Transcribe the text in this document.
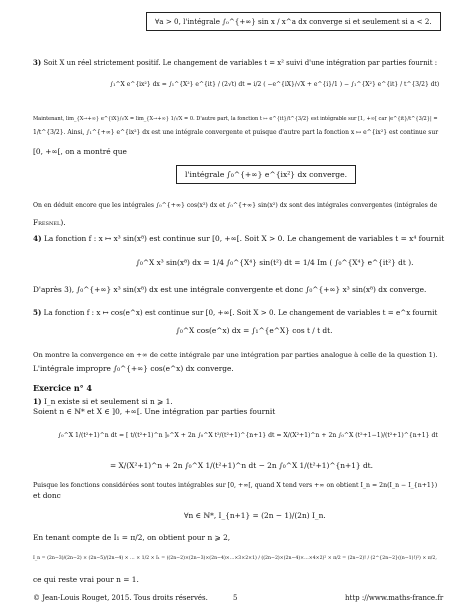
∀a > 0, l'intégrale ∫₀^{+∞} sin x / x^a dx converge si et seulement si a < 2.
3) Soit X un réel strictement positif. Le changement de variables t = x² suivi d'une intégration par parties fournit :
∫₁^X e^{ix²} dx = ∫₁^{X²} e^{it} / (2√t) dt = i/2 ( −e^{iX}/√X + e^{i}/1 ) − ∫₁^{X²} e^{it} / t^{3/2} dt)
Maintenant, lim_{X→+∞} e^{iX}/√X = lim_{X→+∞} 1/√X = 0. D'autre part, la fonction t ↦ e^{it}/t^{3/2} est intégrable sur [1, +∞[ car |e^{it}/t^{3/2}| =
1/t^{3/2}. Ainsi, ∫₁^{+∞} e^{ix²} dx est une intégrale convergente et puisque d'autre part la fonction x ↦ e^{ix²} est continue sur
[0, +∞[, on a montré que
l'intégrale ∫₀^{+∞} e^{ix²} dx converge.
On en déduit encore que les intégrales ∫₀^{+∞} cos(x²) dx et ∫₀^{+∞} sin(x²) dx sont des intégrales convergentes (intégrales de
Fresnel).
4) La fonction f : x ↦ x³ sin(x⁸) est continue sur [0, +∞[. Soit X > 0. Le changement de variables t = x⁴ fournit
∫₀^X x³ sin(x⁸) dx = 1/4 ∫₀^{X⁴} sin(t²) dt = 1/4 Im ( ∫₀^{X⁴} e^{it²} dt ).
D'après 3), ∫₀^{+∞} x³ sin(x⁸) dx est une intégrale convergente et donc ∫₀^{+∞} x³ sin(x⁸) dx converge.
5) La fonction f : x ↦ cos(e^x) est continue sur [0, +∞[. Soit X > 0. Le changement de variables t = e^x fournit
∫₀^X cos(e^x) dx = ∫₁^{e^X} cos t / t dt.
On montre la convergence en +∞ de cette intégrale par une intégration par parties analogue à celle de la question 1).
L'intégrale impropre ∫₀^{+∞} cos(e^x) dx converge.
Exercice n° 4
1) I_n existe si et seulement si n ⩾ 1.
Soient n ∈ ℕ* et X ∈ ]0, +∞[. Une intégration par parties fournit
∫₀^X 1/(t²+1)^n dt = [ t/(t²+1)^n ]₀^X + 2n ∫₀^X t²/(t²+1)^{n+1} dt = X/(X²+1)^n + 2n ∫₀^X (t²+1−1)/(t²+1)^{n+1} dt
= X/(X²+1)^n + 2n ∫₀^X 1/(t²+1)^n dt − 2n ∫₀^X 1/(t²+1)^{n+1} dt.
Puisque les fonctions considérées sont toutes intégrables sur [0, +∞[, quand X tend vers +∞ on obtient I_n = 2n(I_n − I_{n+1})
et donc
∀n ∈ ℕ*, I_{n+1} = (2n − 1)/(2n) I_n.
En tenant compte de I₁ = π/2, on obtient pour n ⩾ 2,
I_n = (2n−3)/(2n−2) × (2n−5)/(2n−4) × … × 1/2 × I₁ = ((2n−2)×(2n−3)×(2n−4)×…×3×2×1) / ((2n−2)×(2n−4)×…×4×2)² × π/2 = (2n−2)! / (2^{2n−2}((n−1)!)²) × π/2,
ce qui reste vrai pour n = 1.
© Jean-Louis Rouget, 2015. Tous droits réservés.	5	http ://www.maths-france.fr
